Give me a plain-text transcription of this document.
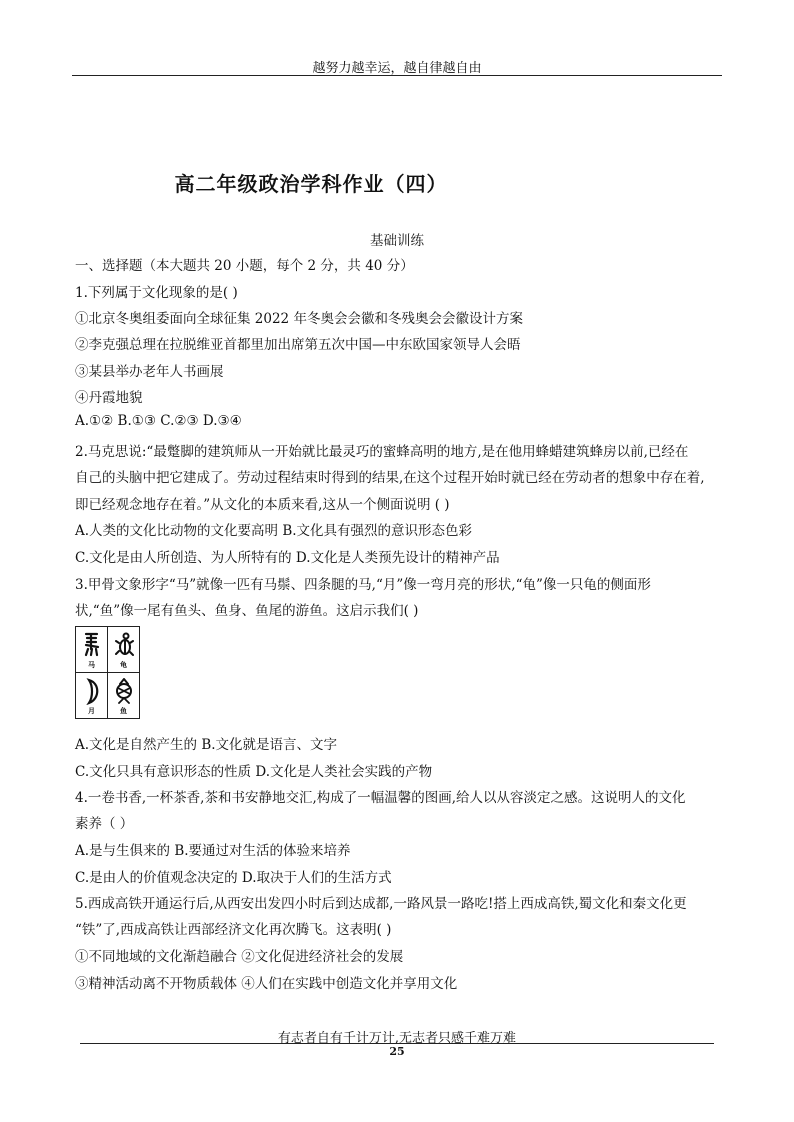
越努力越幸运，越自律越自由
高二年级政治学科作业（四）
基础训练
一、选择题（本大题共 20 小题，每个 2 分，共 40 分）
1.下列属于文化现象的是( )
①北京冬奥组委面向全球征集 2022 年冬奥会会徽和冬残奥会会徽设计方案
②李克强总理在拉脱维亚首都里加出席第五次中国—中东欧国家领导人会晤
③某县举办老年人书画展
④丹霞地貌
A.①② B.①③ C.②③ D.③④
2.马克思说:“最蹩脚的建筑师从一开始就比最灵巧的蜜蜂高明的地方,是在他用蜂蜡建筑蜂房以前,已经在
自己的头脑中把它建成了。劳动过程结束时得到的结果,在这个过程开始时就已经在劳动者的想象中存在着,
即已经观念地存在着。”从文化的本质来看,这从一个侧面说明 ( )
A.人类的文化比动物的文化要高明 B.文化具有强烈的意识形态色彩
C.文化是由人所创造、为人所特有的 D.文化是人类预先设计的精神产品
3.甲骨文象形字“马”就像一匹有马鬃、四条腿的马,“月”像一弯月亮的形状,“龟”像一只龟的侧面形
状,“鱼”像一尾有鱼头、鱼身、鱼尾的游鱼。这启示我们( )
马	龟
月	鱼
A.文化是自然产生的 B.文化就是语言、文字
C.文化只具有意识形态的性质 D.文化是人类社会实践的产物
4.一卷书香,一杯茶香,茶和书安静地交汇,构成了一幅温馨的图画,给人以从容淡定之感。这说明人的文化
素养（ ）
A.是与生俱来的 B.要通过对生活的体验来培养
C.是由人的价值观念决定的 D.取决于人们的生活方式
5.西成高铁开通运行后,从西安出发四小时后到达成都,一路风景一路吃!搭上西成高铁,蜀文化和秦文化更
“铁”了,西成高铁让西部经济文化再次腾飞。这表明( )
①不同地域的文化渐趋融合 ②文化促进经济社会的发展
③精神活动离不开物质载体 ④人们在实践中创造文化并享用文化
有志者自有千计万计,无志者只感千难万难
25
